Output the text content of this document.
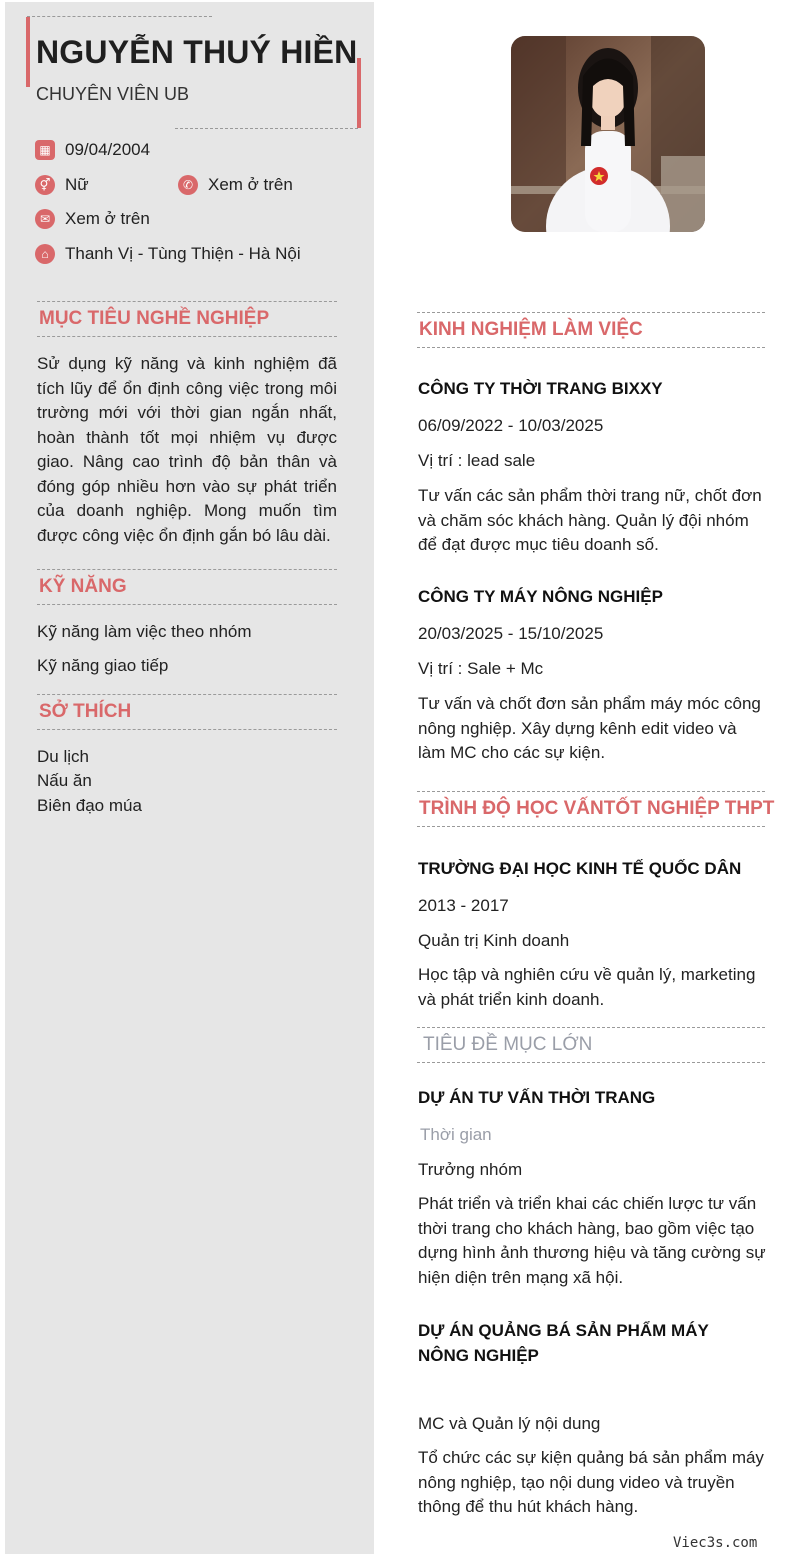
NGUYỄN THUÝ HIỀN
CHUYÊN VIÊN UB
▦ 09/04/2004
⚥ Nữ	✆ Xem ở trên
✉ Xem ở trên
⌂ Thanh Vị - Tùng Thiện - Hà Nội
MỤC TIÊU NGHỀ NGHIỆP
Sử dụng kỹ năng và kinh nghiệm đã tích lũy để ổn định công việc trong môi trường mới với thời gian ngắn nhất, hoàn thành tốt mọi nhiệm vụ được giao. Nâng cao trình độ bản thân và đóng góp nhiều hơn vào sự phát triển của doanh nghiệp. Mong muốn tìm được công việc ổn định gắn bó lâu dài.
KỸ NĂNG
Kỹ năng làm việc theo nhóm
Kỹ năng giao tiếp
SỞ THÍCH
Du lịch
Nấu ăn
Biên đạo múa
KINH NGHIỆM LÀM VIỆC
CÔNG TY THỜI TRANG BIXXY
06/09/2022 - 10/03/2025
Vị trí : lead sale
Tư vấn các sản phẩm thời trang nữ, chốt đơn và chăm sóc khách hàng. Quản lý đội nhóm để đạt được mục tiêu doanh số.
CÔNG TY MÁY NÔNG NGHIỆP
20/03/2025 - 15/10/2025
Vị trí : Sale + Mc
Tư vấn và chốt đơn sản phẩm máy móc công nông nghiệp. Xây dựng kênh edit video và làm MC cho các sự kiện.
TRÌNH ĐỘ HỌC VẤNTỐT NGHIỆP THPT
TRƯỜNG ĐẠI HỌC KINH TẾ QUỐC DÂN
2013 - 2017
Quản trị Kinh doanh
Học tập và nghiên cứu về quản lý, marketing và phát triển kinh doanh.
TIÊU ĐỀ MỤC LỚN
DỰ ÁN TƯ VẤN THỜI TRANG
Thời gian
Trưởng nhóm
Phát triển và triển khai các chiến lược tư vấn thời trang cho khách hàng, bao gồm việc tạo dựng hình ảnh thương hiệu và tăng cường sự hiện diện trên mạng xã hội.
DỰ ÁN QUẢNG BÁ SẢN PHẨM MÁY NÔNG NGHIỆP
MC và Quản lý nội dung
Tổ chức các sự kiện quảng bá sản phẩm máy nông nghiệp, tạo nội dung video và truyền thông để thu hút khách hàng.
Viec3s.com
